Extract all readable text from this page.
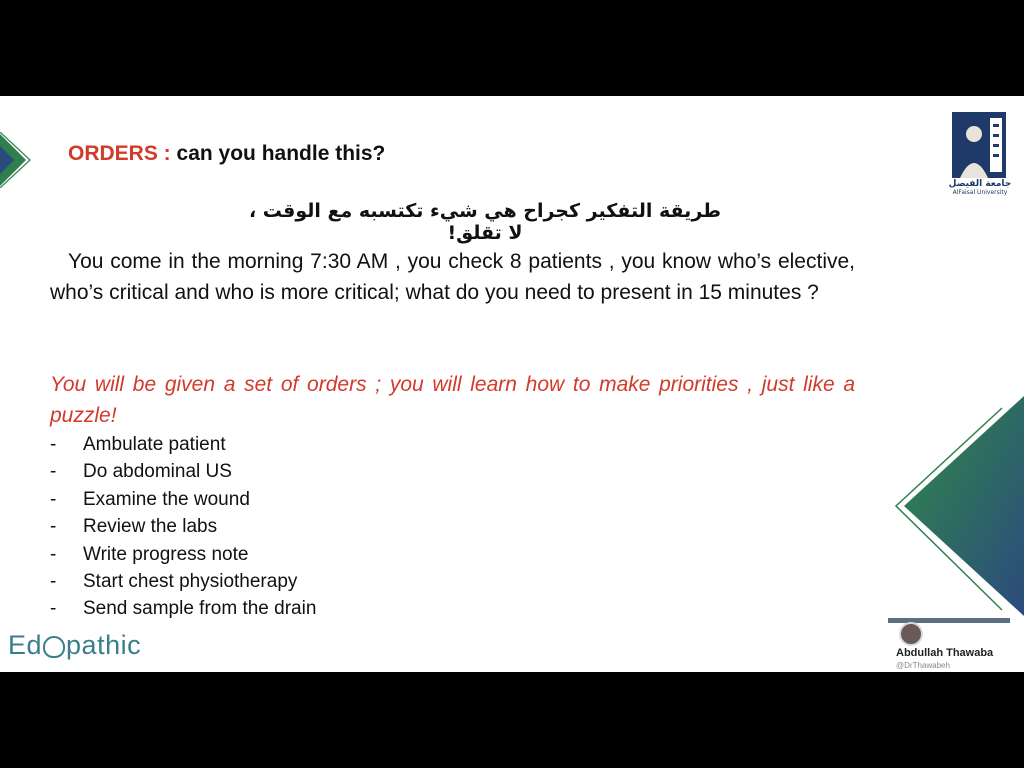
جامعة الفيصل
AlFaisal University
ORDERS : can you handle this?
طريقة التفكير كجراح هي شيء تكتسبه مع الوقت ، لا تقلق!
You come in the morning 7:30 AM , you check 8 patients , you know who’s elective, who’s critical and who is more critical; what do you need to present in 15 minutes ?
You will be given a set of orders ; you will learn how to make priorities , just like a puzzle!
- Ambulate patient
- Do abdominal US
- Examine the wound
- Review the labs
- Write progress note
- Start chest physiotherapy
- Send sample from the drain
Ed pathic	Abdullah Thawaba
@DrThawabeh
